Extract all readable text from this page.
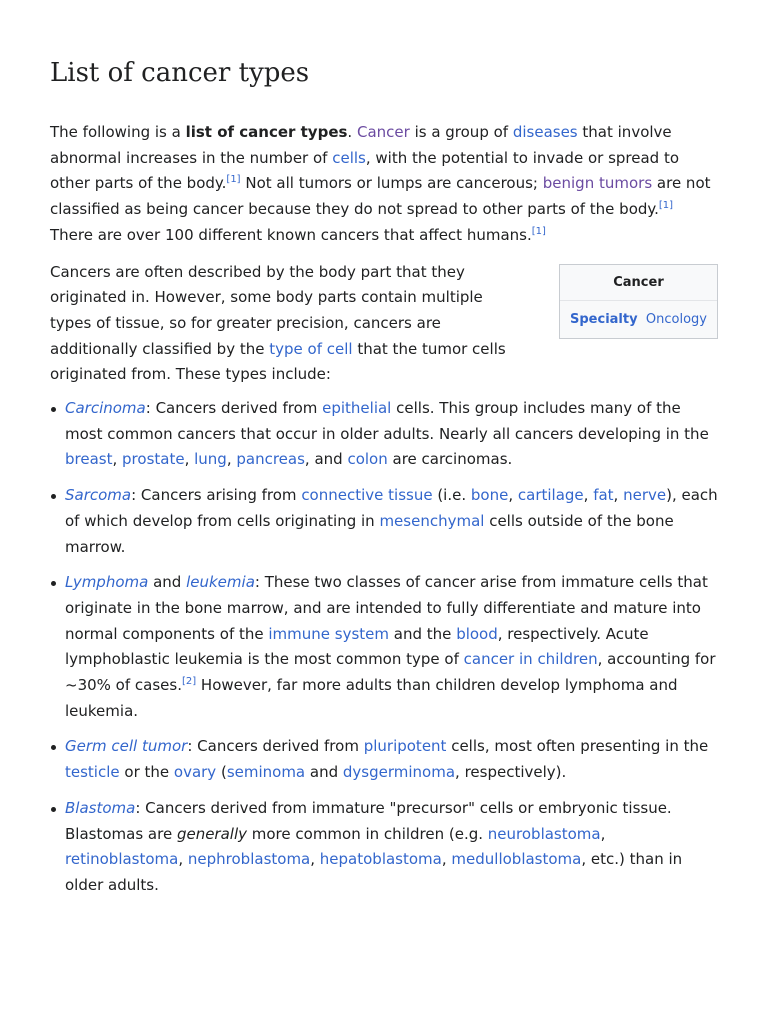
List of cancer types

The following is a list of cancer types. Cancer is a group of diseases that involve abnormal increases in the number of cells, with the potential to invade or spread to other parts of the body.[1] Not all tumors or lumps are cancerous; benign tumors are not classified as being cancer because they do not spread to other parts of the body.[1] There are over 100 different known cancers that affect humans.[1]

Cancers are often described by the body part that they originated in. However, some body parts contain multiple types of tissue, so for greater precision, cancers are additionally classified by the type of cell that the tumor cells originated from. These types include:

Cancer
Specialty Oncology
Carcinoma: Cancers derived from epithelial cells. This group includes many of the most common cancers that occur in older adults. Nearly all cancers developing in the breast, prostate, lung, pancreas, and colon are carcinomas.
Sarcoma: Cancers arising from connective tissue (i.e. bone, cartilage, fat, nerve), each of which develop from cells originating in mesenchymal cells outside of the bone marrow.
Lymphoma and leukemia: These two classes of cancer arise from immature cells that originate in the bone marrow, and are intended to fully differentiate and mature into normal components of the immune system and the blood, respectively. Acute lymphoblastic leukemia is the most common type of cancer in children, accounting for ~30% of cases.[2] However, far more adults than children develop lymphoma and leukemia.
Germ cell tumor: Cancers derived from pluripotent cells, most often presenting in the testicle or the ovary (seminoma and dysgerminoma, respectively).
Blastoma: Cancers derived from immature "precursor" cells or embryonic tissue. Blastomas are generally more common in children (e.g. neuroblastoma, retinoblastoma, nephroblastoma, hepatoblastoma, medulloblastoma, etc.) than in older adults.
